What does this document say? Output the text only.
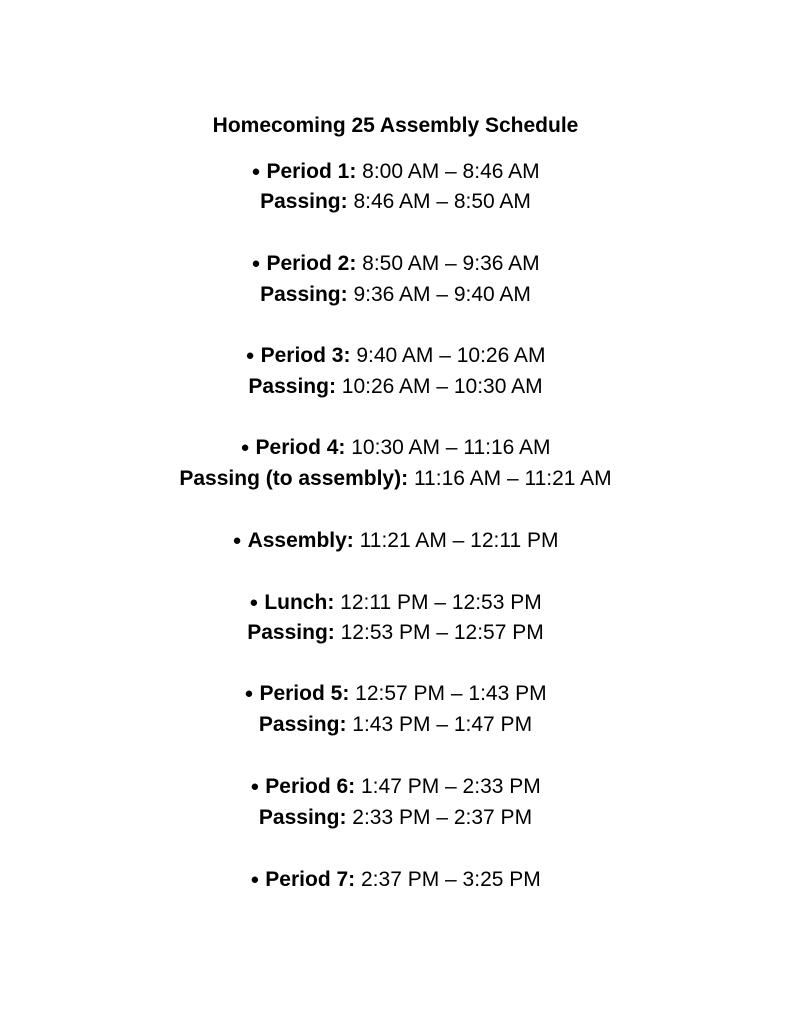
Homecoming 25 Assembly Schedule
● Period 1: 8:00 AM – 8:46 AM
Passing: 8:46 AM – 8:50 AM
● Period 2: 8:50 AM – 9:36 AM
Passing: 9:36 AM – 9:40 AM
● Period 3: 9:40 AM – 10:26 AM
Passing: 10:26 AM – 10:30 AM
● Period 4: 10:30 AM – 11:16 AM
Passing (to assembly): 11:16 AM – 11:21 AM
● Assembly: 11:21 AM – 12:11 PM
● Lunch: 12:11 PM – 12:53 PM
Passing: 12:53 PM – 12:57 PM
● Period 5: 12:57 PM – 1:43 PM
Passing: 1:43 PM – 1:47 PM
● Period 6: 1:47 PM – 2:33 PM
Passing: 2:33 PM – 2:37 PM
● Period 7: 2:37 PM – 3:25 PM
